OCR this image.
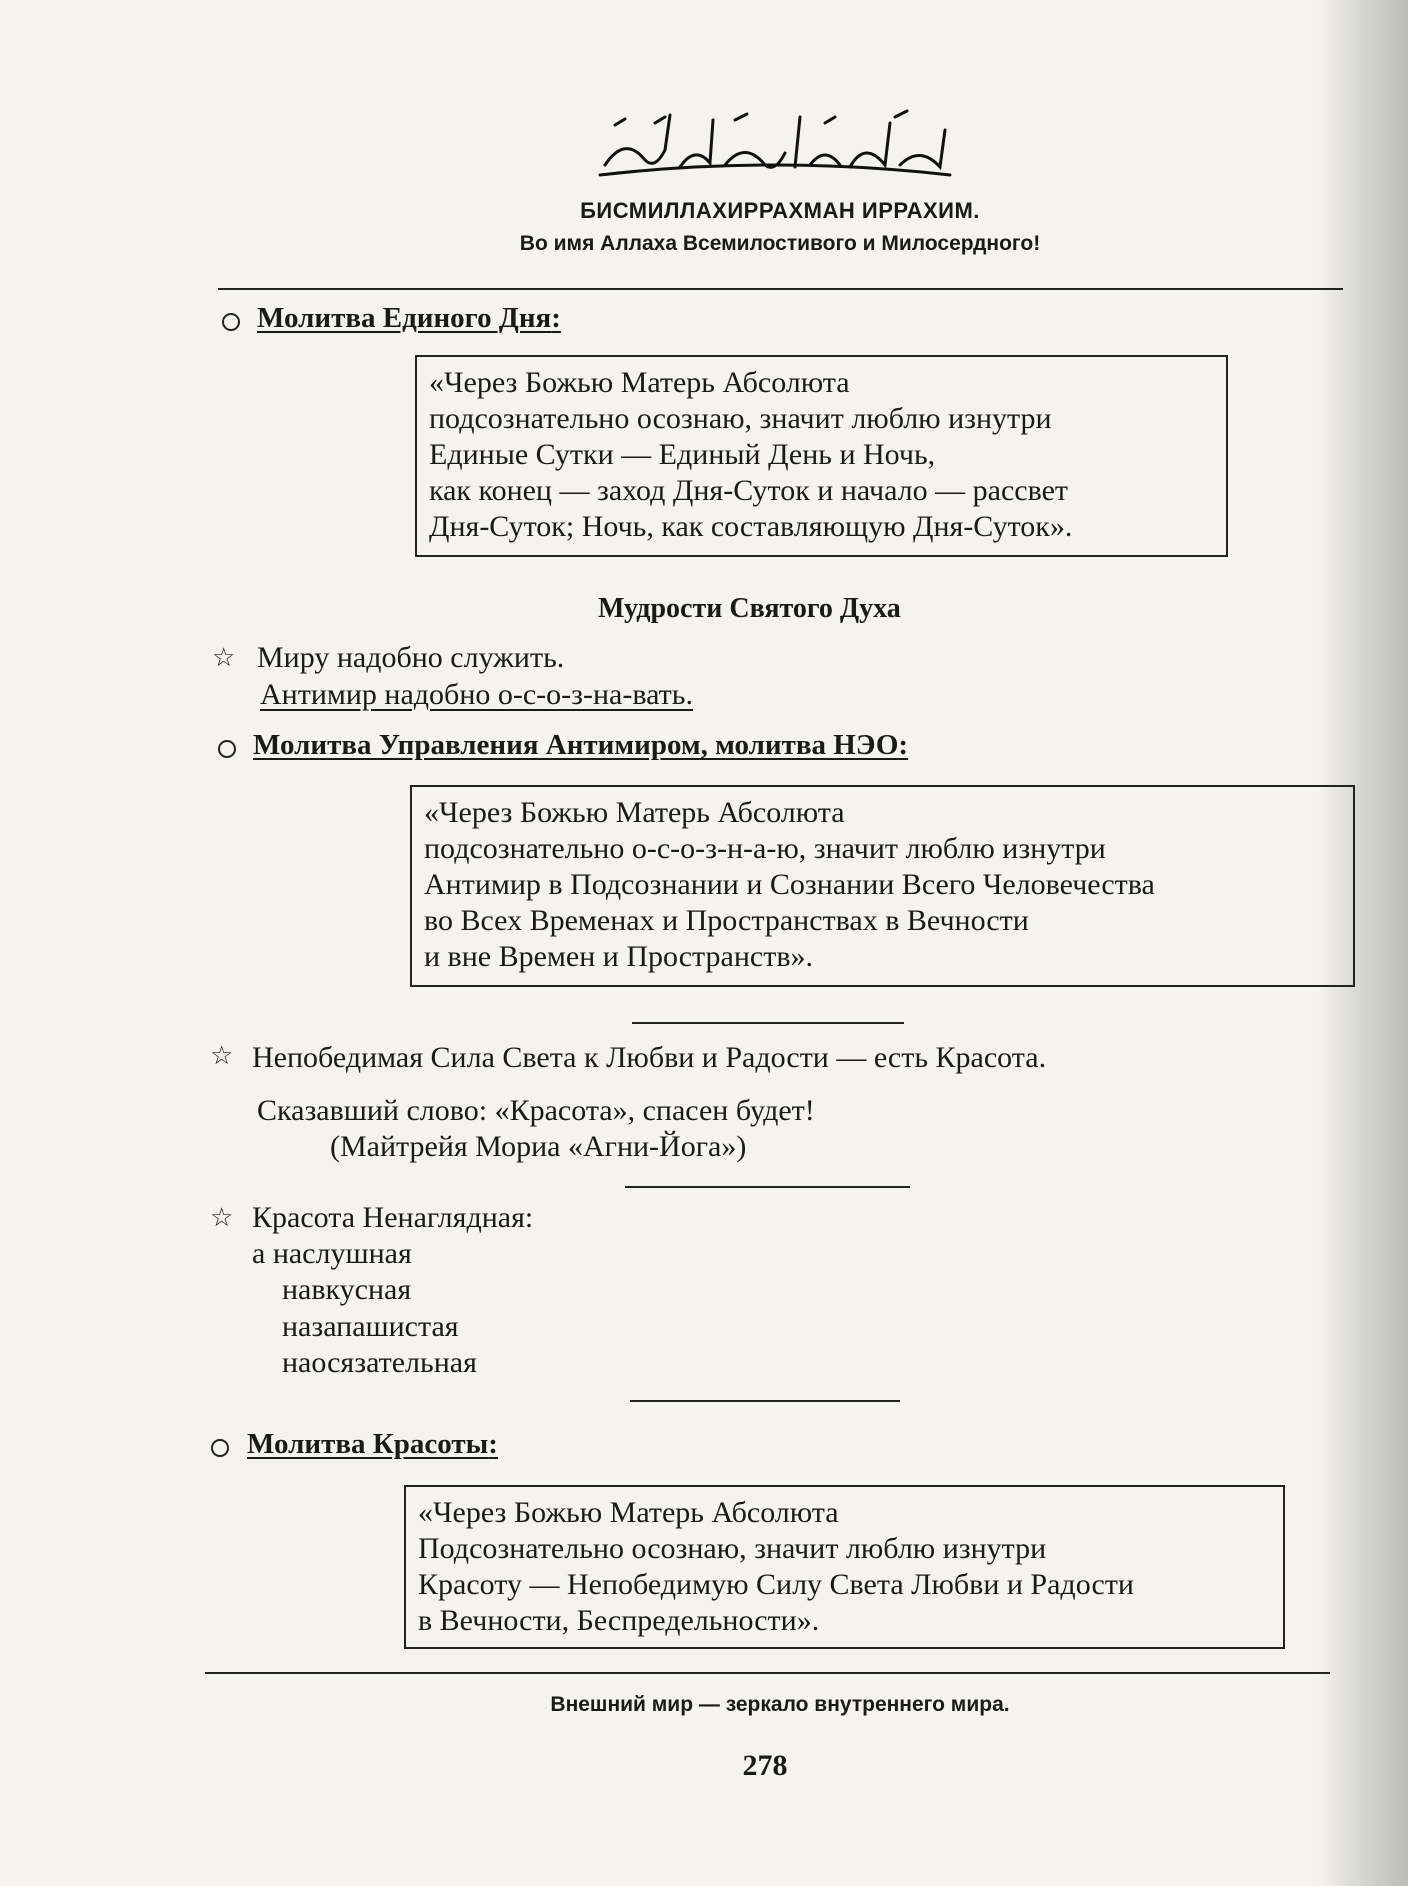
БИСМИЛЛАХИРРАХМАН ИРРАХИМ.
Во имя Аллаха Всемилостивого и Милосердного!
Молитва Единого Дня:
«Через Божью Матерь Абсолюта
подсознательно осознаю, значит люблю изнутри
Единые Сутки — Единый День и Ночь,
как конец — заход Дня-Суток и начало — рассвет
Дня-Суток; Ночь, как составляющую Дня-Суток».
Мудрости Святого Духа
☆ Миру надобно служить.
Антимир надобно о-с-о-з-на-вать.
Молитва Управления Антимиром, молитва НЭО:
«Через Божью Матерь Абсолюта
подсознательно о-с-о-з-н-а-ю, значит люблю изнутри
Антимир в Подсознании и Сознании Всего Человечества
во Всех Временах и Пространствах в Вечности
и вне Времен и Пространств».
☆ Непобедимая Сила Света к Любви и Радости — есть Красота.
Сказавший слово: «Красота», спасен будет!
(Майтрейя Мориа «Агни-Йога»)
☆ Красота Ненаглядная:
а наслушная
навкусная
назапашистая
наосязательная
Молитва Красоты:
«Через Божью Матерь Абсолюта
Подсознательно осознаю, значит люблю изнутри
Красоту — Непобедимую Силу Света Любви и Радости
в Вечности, Беспредельности».
Внешний мир — зеркало внутреннего мира.
278
